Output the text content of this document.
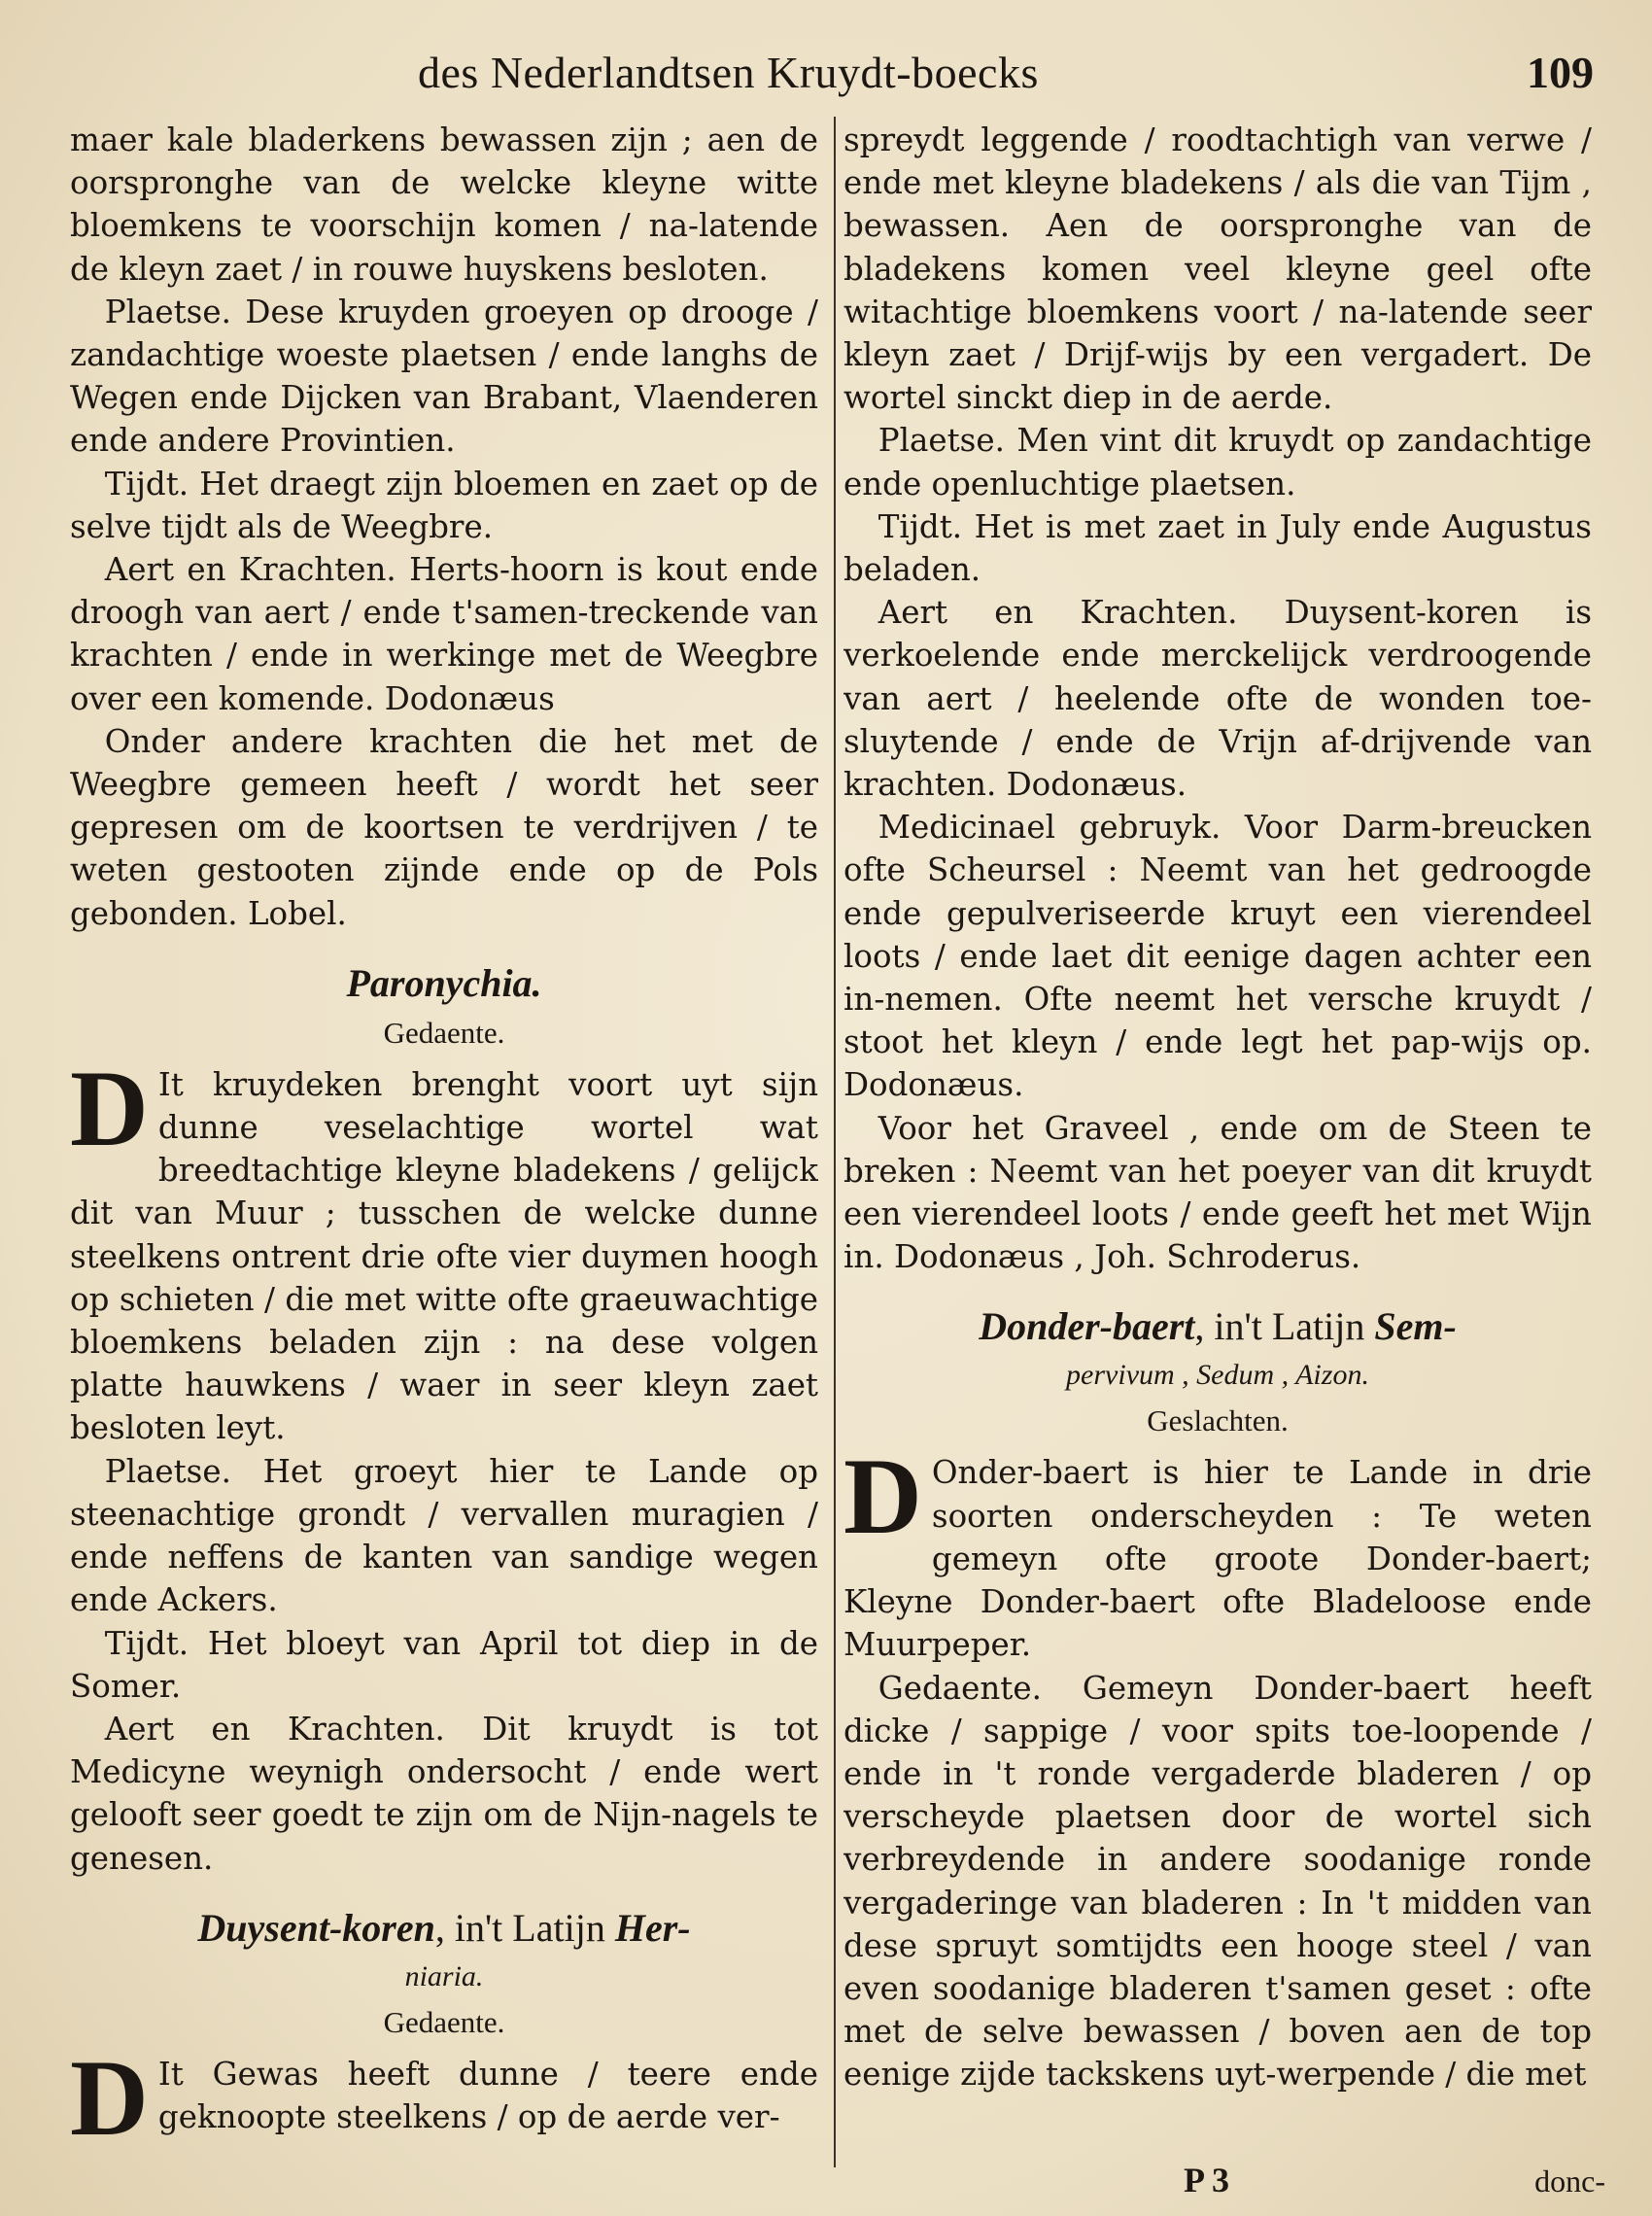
des Nederlandtsen Kruydt-boecks	109

maer kale bladerkens bewassen zijn ; aen de oorspronghe van de welcke kleyne witte bloemkens te voorschijn komen / na-latende de kleyn zaet / in rouwe huyskens besloten.

Plaetse. Dese kruyden groeyen op drooge / zandachtige woeste plaetsen / ende langhs de Wegen ende Dijcken van Brabant, Vlaenderen ende andere Provintien.

Tijdt. Het draegt zijn bloemen en zaet op de selve tijdt als de Weegbre.

Aert en Krachten. Herts-hoorn is kout ende droogh van aert / ende t'samen-treckende van krachten / ende in werkinge met de Weegbre over een komende. Dodonæus

Onder andere krachten die het met de Weegbre gemeen heeft / wordt het seer gepresen om de koortsen te verdrijven / te weten gestooten zijnde ende op de Pols gebonden. Lobel.

Paronychia.

Gedaente.

D It kruydeken brenght voort uyt sijn dunne veselachtige wortel wat breedtachtige kleyne bladekens / gelijck dit van Muur ; tusschen de welcke dunne steelkens ontrent drie ofte vier duymen hoogh op schieten / die met witte ofte graeuwachtige bloemkens beladen zijn : na dese volgen platte hauwkens / waer in seer kleyn zaet besloten leyt.

Plaetse. Het groeyt hier te Lande op steenachtige grondt / vervallen muragien / ende neffens de kanten van sandige wegen ende Ackers.

Tijdt. Het bloeyt van April tot diep in de Somer.

Aert en Krachten. Dit kruydt is tot Medicyne weynigh ondersocht / ende wert gelooft seer goedt te zijn om de Nijn-nagels te genesen.

Duysent-koren, in't Latijn Her-

niaria.

Gedaente.

D It Gewas heeft dunne / teere ende geknoopte steelkens / op de aerde ver-

spreydt leggende / roodtachtigh van verwe / ende met kleyne bladekens / als die van Tijm , bewassen. Aen de oorspronghe van de bladekens komen veel kleyne geel ofte witachtige bloemkens voort / na-latende seer kleyn zaet / Drijf-wijs by een vergadert. De wortel sinckt diep in de aerde.

Plaetse. Men vint dit kruydt op zandachtige ende openluchtige plaetsen.

Tijdt. Het is met zaet in July ende Augustus beladen.

Aert en Krachten. Duysent-koren is verkoelende ende merckelijck verdroogende van aert / heelende ofte de wonden toe-sluytende / ende de Vrijn af-drijvende van krachten. Dodonæus.

Medicinael gebruyk. Voor Darm-breucken ofte Scheursel : Neemt van het gedroogde ende gepulveriseerde kruyt een vierendeel loots / ende laet dit eenige dagen achter een in-nemen. Ofte neemt het versche kruydt / stoot het kleyn / ende legt het pap-wijs op. Dodonæus.

Voor het Graveel , ende om de Steen te breken : Neemt van het poeyer van dit kruydt een vierendeel loots / ende geeft het met Wijn in. Dodonæus , Joh. Schroderus.

Donder-baert, in't Latijn Sem-

pervivum , Sedum , Aizon.

Geslachten.

D Onder-baert is hier te Lande in drie soorten onderscheyden : Te weten gemeyn ofte groote Donder-baert; Kleyne Donder-baert ofte Bladeloose ende Muurpeper.

Gedaente. Gemeyn Donder-baert heeft dicke / sappige / voor spits toe-loopende / ende in 't ronde vergaderde bladeren / op verscheyde plaetsen door de wortel sich verbreydende in andere soodanige ronde vergaderinge van bladeren : In 't midden van dese spruyt somtijdts een hooge steel / van even soodanige bladeren t'samen geset : ofte met de selve bewassen / boven aen de top eenige zijde tackskens uyt-werpende / die met

P 3	donc-
